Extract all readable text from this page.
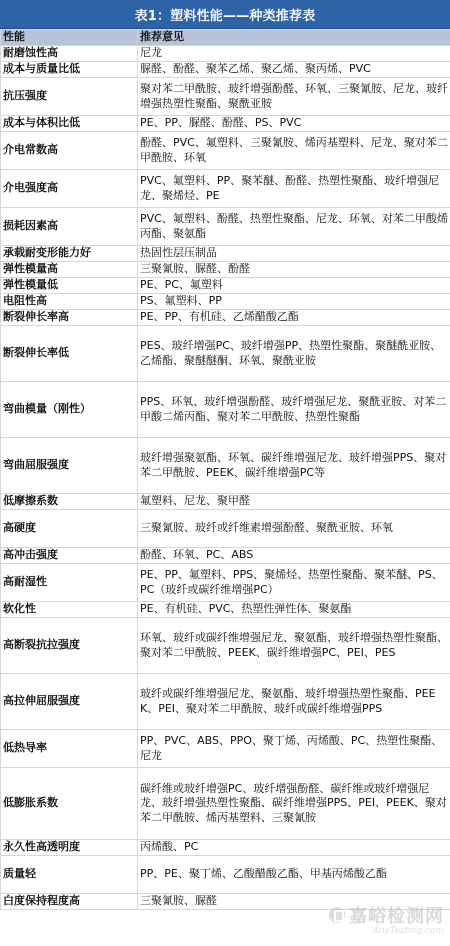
表1：塑料性能——种类推荐表
性能	推荐意见
耐磨蚀性高	尼龙
成本与质量比低	脲醛、酚醛、聚苯乙烯、聚乙烯、聚丙烯、PVC
抗压强度	聚对苯二甲酰胺、玻纤增强酚醛、环氧、三聚氰胺、尼龙、玻纤增强热塑性聚酯、聚酰亚胺
成本与体积比低	PE、PP、脲醛、酚醛、PS、PVC
介电常数高	酚醛、PVC、氟塑料、三聚氰胺、烯丙基塑料、尼龙、聚对苯二甲酰胺、环氧
介电强度高	PVC、氟塑料、PP、聚苯醚、酚醛、热塑性聚酯、玻纤增强尼龙、聚烯烃、PE
损耗因素高	PVC、氟塑料、酚醛、热塑性聚酯、尼龙、环氧、对苯二甲酸烯丙酯、聚氨酯
承载耐变形能力好	热固性层压制品
弹性模量高	三聚氰胺、脲醛、酚醛
弹性模量低	PE、PC、氟塑料
电阻性高	PS、氟塑料、PP
断裂伸长率高	PE、PP、有机硅、乙烯醋酸乙酯
断裂伸长率低	PES、玻纤增强PC、玻纤增强PP、热塑性聚酯、聚醚酰亚胺、乙烯酯、聚醚醚酮、环氧、聚酰亚胺
弯曲模量（刚性）	PPS、环氧、玻纤增强酚醛、玻纤增强尼龙、聚酰亚胺、对苯二甲酸二烯丙酯、聚对苯二甲酰胺、热塑性聚酯
弯曲屈服强度	玻纤增强聚氨酯、环氧、碳纤维增强尼龙、玻纤增强PPS、聚对苯二甲酰胺、PEEK、碳纤维增强PC等
低摩擦系数	氟塑料、尼龙、聚甲醛
高硬度	三聚氰胺、玻纤或纤维素增强酚醛、聚酰亚胺、环氧
高冲击强度	酚醛、环氧、PC、ABS
高耐湿性	PE、PP、氟塑料、PPS、聚烯烃、热塑性聚酯、聚苯醚、PS、PC（玻纤或碳纤维增强PC）
软化性	PE、有机硅、PVC、热塑性弹性体、聚氨酯
高断裂抗拉强度	环氧、玻纤或碳纤维增强尼龙、聚氨酯、玻纤增强热塑性聚酯、聚对苯二甲酰胺、PEEK、碳纤维增强PC、PEI、PES
高拉伸屈服强度	玻纤或碳纤维增强尼龙、聚氨酯、玻纤增强热塑性聚酯、PEEK、PEI、聚对苯二甲酰胺、玻纤或碳纤维增强PPS
低热导率	PP、PVC、ABS、PPO、聚丁烯、丙烯酸、PC、热塑性聚酯、尼龙
低膨胀系数	碳纤维或玻纤增强PC、玻纤增强酚醛、碳纤维或玻纤增强尼龙、玻纤增强热塑性聚酯、碳纤维增强PPS、PEI、PEEK、聚对苯二甲酰胺、烯丙基塑料、三聚氰胺
永久性高透明度	丙烯酸、PC
质量轻	PP、PE、聚丁烯、乙酸醋酸乙酯、甲基丙烯酸乙酯
白度保持程度高	三聚氰胺、脲醛
嘉峪检测网
AnyTesting.com
